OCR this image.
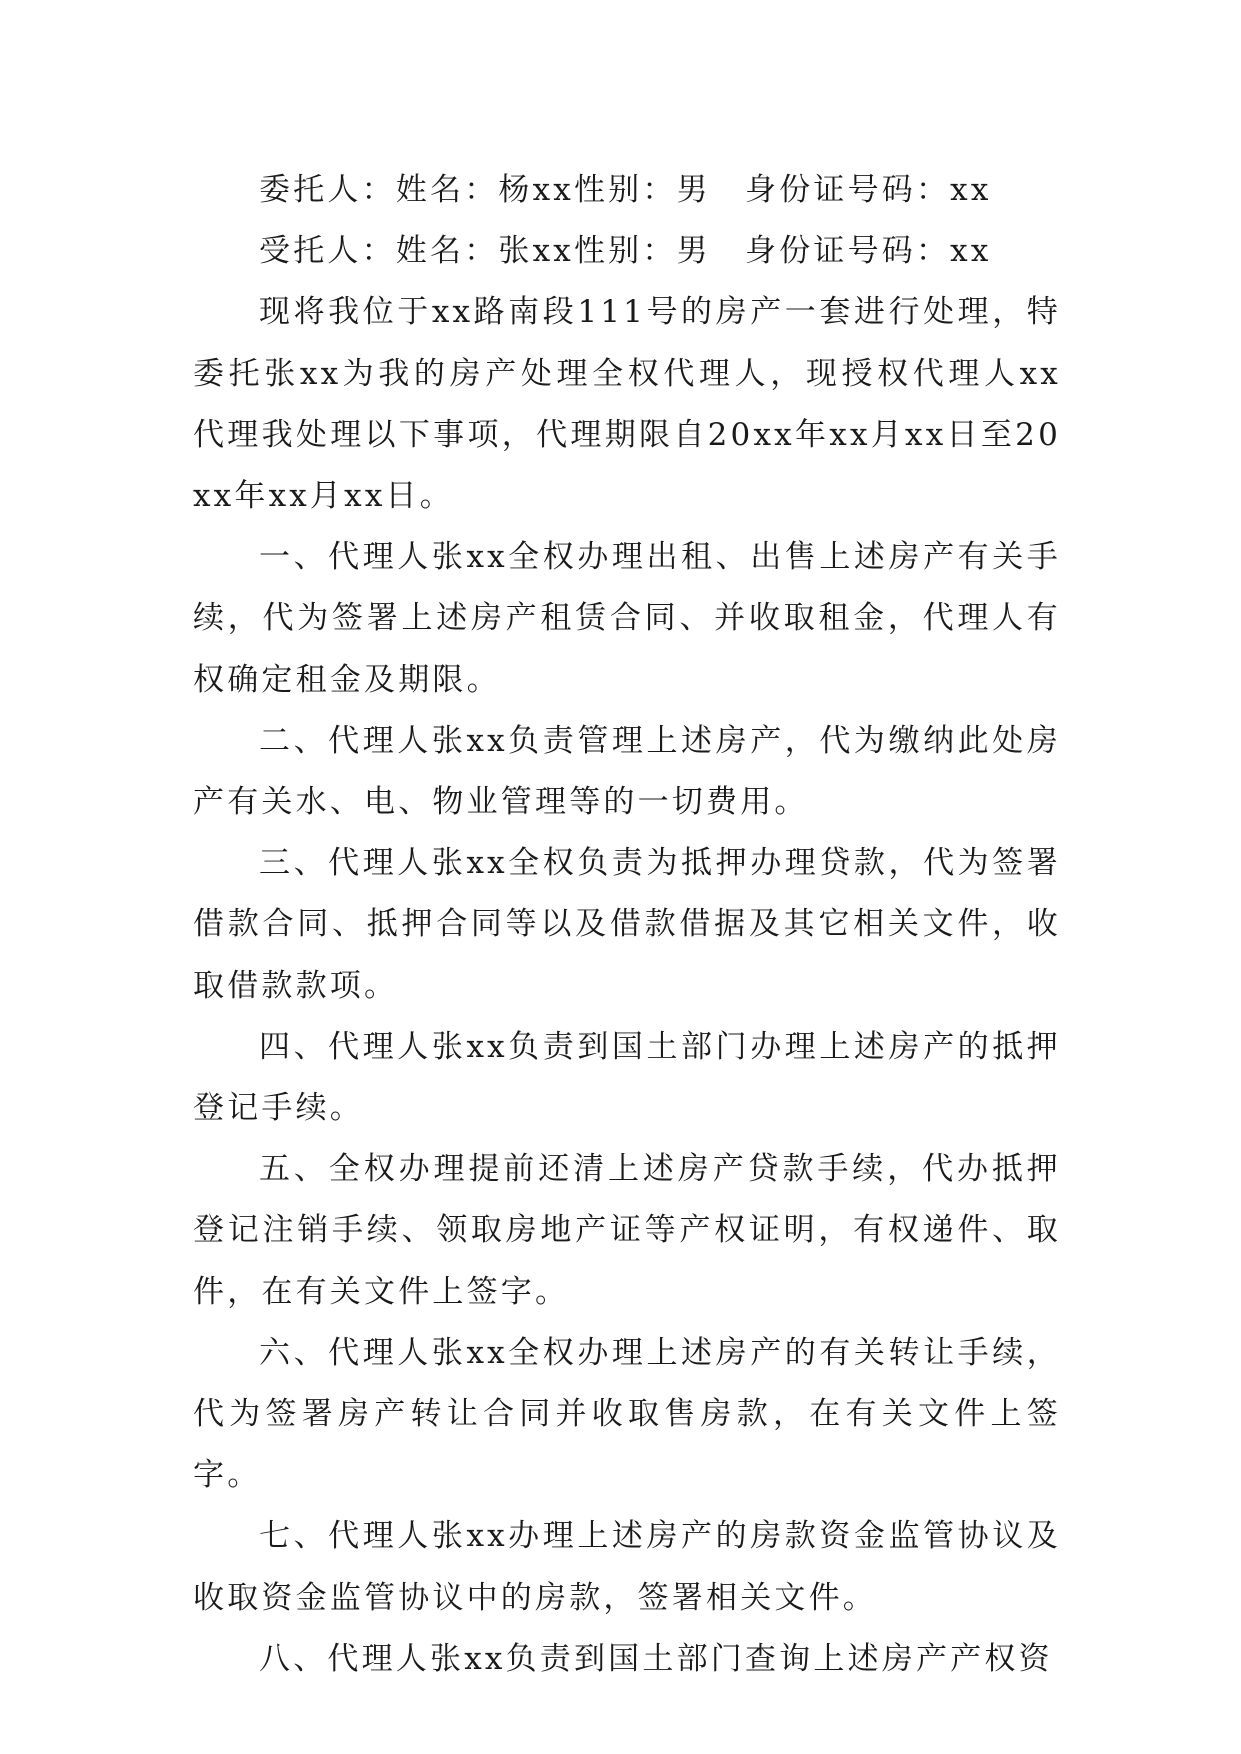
委托人：姓名：杨xx性别：男　身份证号码：xx

受托人：姓名：张xx性别：男　身份证号码：xx

现将我位于xx路南段111号的房产一套进行处理，特委托张xx为我的房产处理全权代理人，现授权代理人xx代理我处理以下事项，代理期限自20xx年xx月xx日至20xx年xx月xx日。

一、代理人张xx全权办理出租、出售上述房产有关手续，代为签署上述房产租赁合同、并收取租金，代理人有权确定租金及期限。

二、代理人张xx负责管理上述房产，代为缴纳此处房产有关水、电、物业管理等的一切费用。

三、代理人张xx全权负责为抵押办理贷款，代为签署借款合同、抵押合同等以及借款借据及其它相关文件，收取借款款项。

四、代理人张xx负责到国土部门办理上述房产的抵押登记手续。

五、全权办理提前还清上述房产贷款手续，代办抵押登记注销手续、领取房地产证等产权证明，有权递件、取件，在有关文件上签字。

六、代理人张xx全权办理上述房产的有关转让手续，代为签署房产转让合同并收取售房款，在有关文件上签字。

七、代理人张xx办理上述房产的房款资金监管协议及收取资金监管协议中的房款，签署相关文件。

八、代理人张xx负责到国土部门查询上述房产产权资
